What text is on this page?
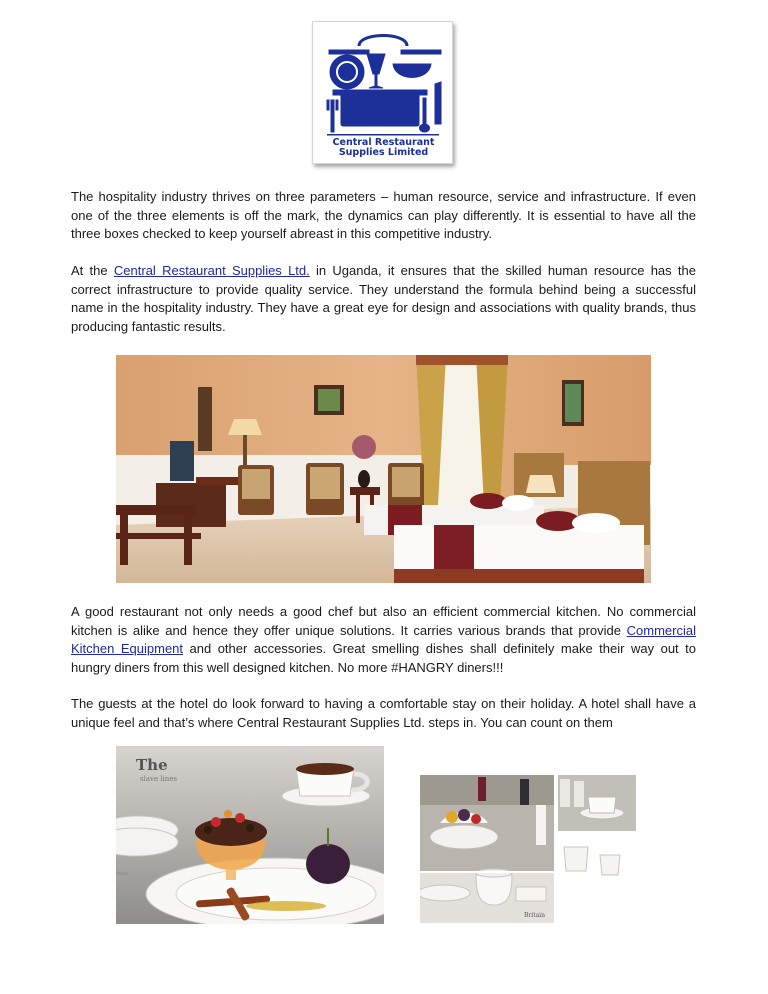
Central Restaurant
Supplies Limited

The hospitality industry thrives on three parameters – human resource, service and infrastructure. If even one of the three elements is off the mark, the dynamics can play differently. It is essential to have all the three boxes checked to keep yourself abreast in this competitive industry.

At the Central Restaurant Supplies Ltd. in Uganda, it ensures that the skilled human resource has the correct infrastructure to provide quality service. They understand the formula behind being a successful name in the hospitality industry. They have a great eye for design and associations with quality brands, thus producing fantastic results.

A good restaurant not only needs a good chef but also an efficient commercial kitchen. No commercial kitchen is alike and hence they offer unique solutions. It carries various brands that provide Commercial Kitchen Equipment and other accessories. Great smelling dishes shall definitely make their way out to hungry diners from this well designed kitchen. No more #HANGRY diners!!!

The guests at the hotel do look forward to having a comfortable stay on their holiday. A hotel shall have a unique feel and that’s where Central Restaurant Supplies Ltd. steps in. You can count on them

The
slave lines
Britain
